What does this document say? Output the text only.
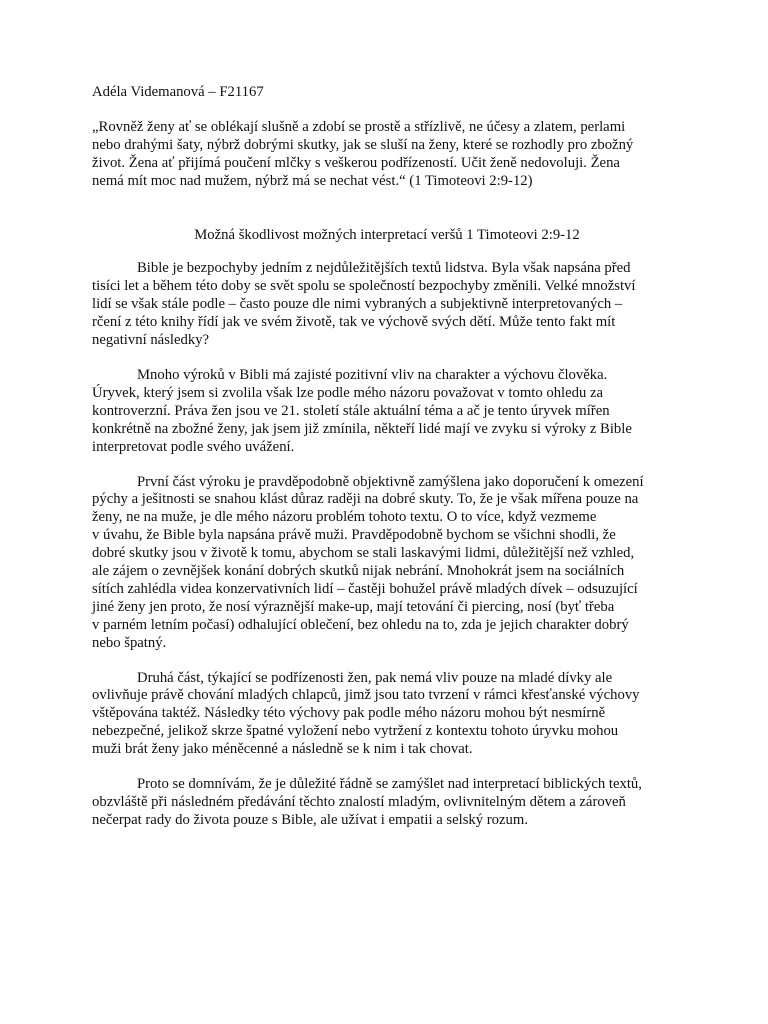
Adéla Videmanová – F21167
„Rovněž ženy ať se oblékají slušně a zdobí se prostě a střízlivě, ne účesy a zlatem, perlami
nebo drahými šaty, nýbrž dobrými skutky, jak se sluší na ženy, které se rozhodly pro zbožný
život. Žena ať přijímá poučení mlčky s veškerou podřízeností. Učit ženě nedovoluji. Žena
nemá mít moc nad mužem, nýbrž má se nechat vést.“ (1 Timoteovi 2:9-12)
Možná škodlivost možných interpretací veršů 1 Timoteovi 2:9-12
Bible je bezpochyby jedním z nejdůležitějších textů lidstva. Byla však napsána před
tisíci let a během této doby se svět spolu se společností bezpochyby změnili. Velké množství
lidí se však stále podle – často pouze dle nimi vybraných a subjektivně interpretovaných –
rčení z této knihy řídí jak ve svém životě, tak ve výchově svých dětí. Může tento fakt mít
negativní následky?
Mnoho výroků v Bibli má zajisté pozitivní vliv na charakter a výchovu člověka.
Úryvek, který jsem si zvolila však lze podle mého názoru považovat v tomto ohledu za
kontroverzní. Práva žen jsou ve 21. století stále aktuální téma a ač je tento úryvek mířen
konkrétně na zbožné ženy, jak jsem již zmínila, někteří lidé mají ve zvyku si výroky z Bible
interpretovat podle svého uvážení.
První část výroku je pravděpodobně objektivně zamýšlena jako doporučení k omezení
pýchy a ješitnosti se snahou klást důraz raději na dobré skuty. To, že je však mířena pouze na
ženy, ne na muže, je dle mého názoru problém tohoto textu. O to více, když vezmeme
v úvahu, že Bible byla napsána právě muži. Pravděpodobně bychom se všichni shodli, že
dobré skutky jsou v životě k tomu, abychom se stali laskavými lidmi, důležitější než vzhled,
ale zájem o zevnějšek konání dobrých skutků nijak nebrání. Mnohokrát jsem na sociálních
sítích zahlédla videa konzervativních lidí – častěji bohužel právě mladých dívek – odsuzující
jiné ženy jen proto, že nosí výraznější make-up, mají tetování či piercing, nosí (byť třeba
v parném letním počasí) odhalující oblečení, bez ohledu na to, zda je jejich charakter dobrý
nebo špatný.
Druhá část, týkající se podřízenosti žen, pak nemá vliv pouze na mladé dívky ale
ovlivňuje právě chování mladých chlapců, jimž jsou tato tvrzení v rámci křesťanské výchovy
vštěpována taktéž. Následky této výchovy pak podle mého názoru mohou být nesmírně
nebezpečné, jelikož skrze špatné vyložení nebo vytržení z kontextu tohoto úryvku mohou
muži brát ženy jako méněcenné a následně se k nim i tak chovat.
Proto se domnívám, že je důležité řádně se zamýšlet nad interpretací biblických textů,
obzvláště při následném předávání těchto znalostí mladým, ovlivnitelným dětem a zároveň
nečerpat rady do života pouze s Bible, ale užívat i empatii a selský rozum.
